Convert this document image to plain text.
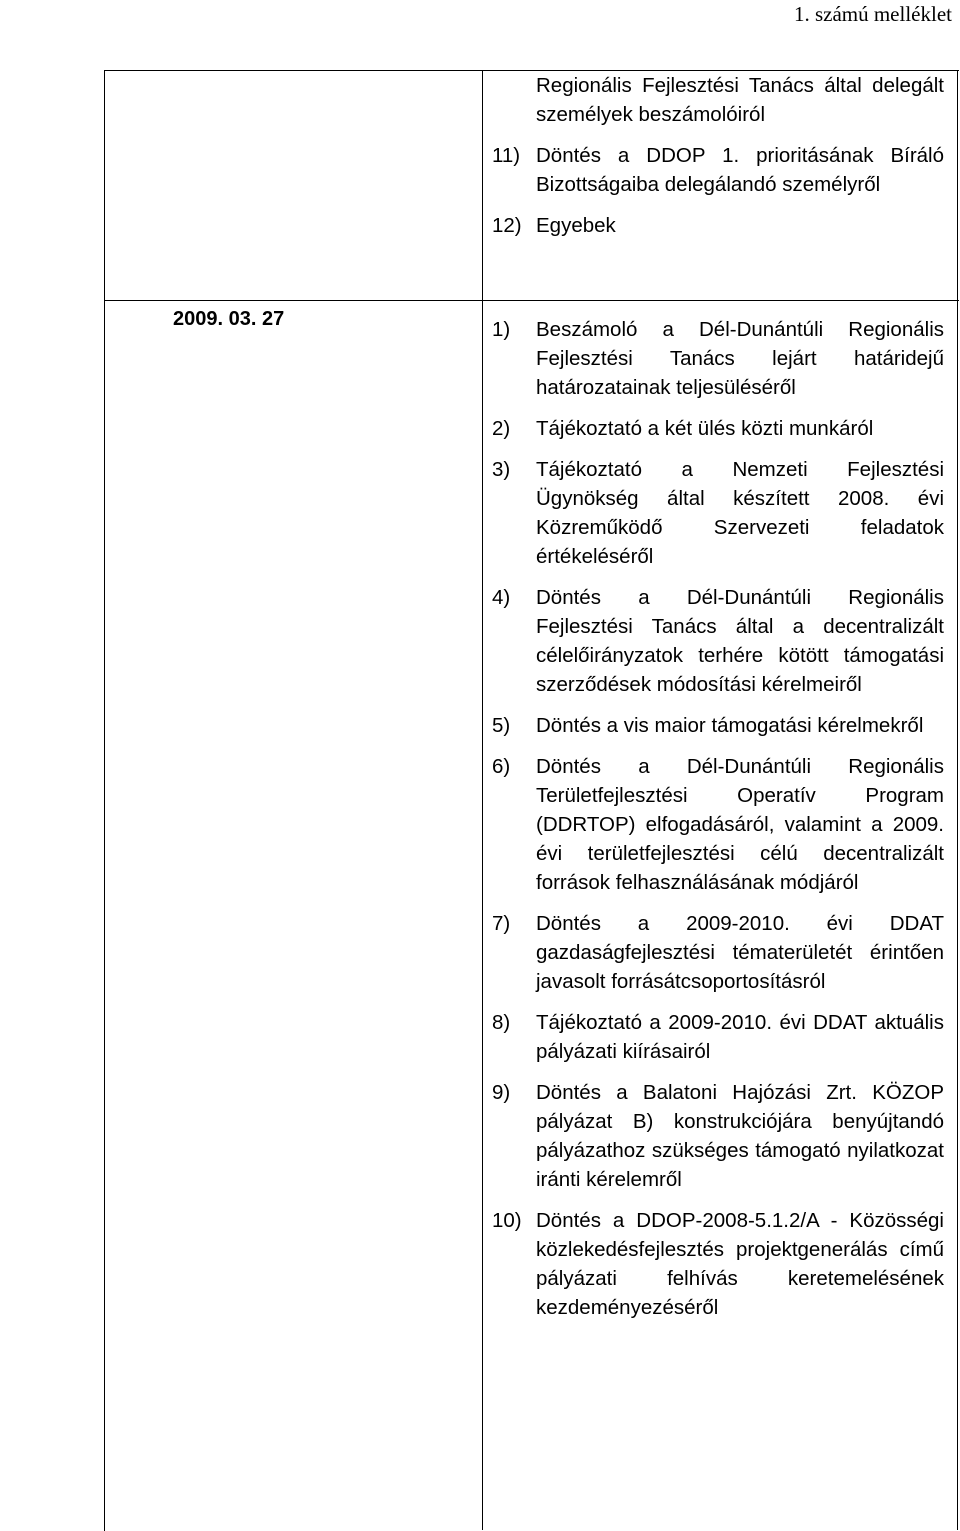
1. számú melléklet
Regionális Fejlesztési Tanács által delegált személyek beszámolóiról
11) Döntés a DDOP 1. prioritásának Bíráló Bizottságaiba delegálandó személyről
12) Egyebek
2009. 03. 27	1)	Beszámoló a Dél-Dunántúli Regionális Fejlesztési Tanács lejárt határidejű határozatainak teljesüléséről
2)	Tájékoztató a két ülés közti munkáról
3)	Tájékoztató a Nemzeti Fejlesztési Ügynökség által készített 2008. évi Közreműködő Szervezeti feladatok értékeléséről
4)	Döntés a Dél-Dunántúli Regionális Fejlesztési Tanács által a decentralizált célelőirányzatok terhére kötött támogatási szerződések módosítási kérelmeiről
5)	Döntés a vis maior támogatási kérelmekről
6)	Döntés a Dél-Dunántúli Regionális Területfejlesztési Operatív Program (DDRTOP) elfogadásáról, valamint a 2009. évi területfejlesztési célú decentralizált források felhasználásának módjáról
7)	Döntés a 2009-2010. évi DDAT gazdaságfejlesztési tématerületét érintően javasolt forrásátcsoportosításról
8)	Tájékoztató a 2009-2010. évi DDAT aktuális pályázati kiírásairól
9)	Döntés a Balatoni Hajózási Zrt. KÖZOP pályázat B) konstrukciójára benyújtandó pályázathoz szükséges támogató nyilatkozat iránti kérelemről
10) Döntés a DDOP-2008-5.1.2/A - Közösségi közlekedésfejlesztés projektgenerálás című pályázati felhívás keretemelésének kezdeményezéséről
